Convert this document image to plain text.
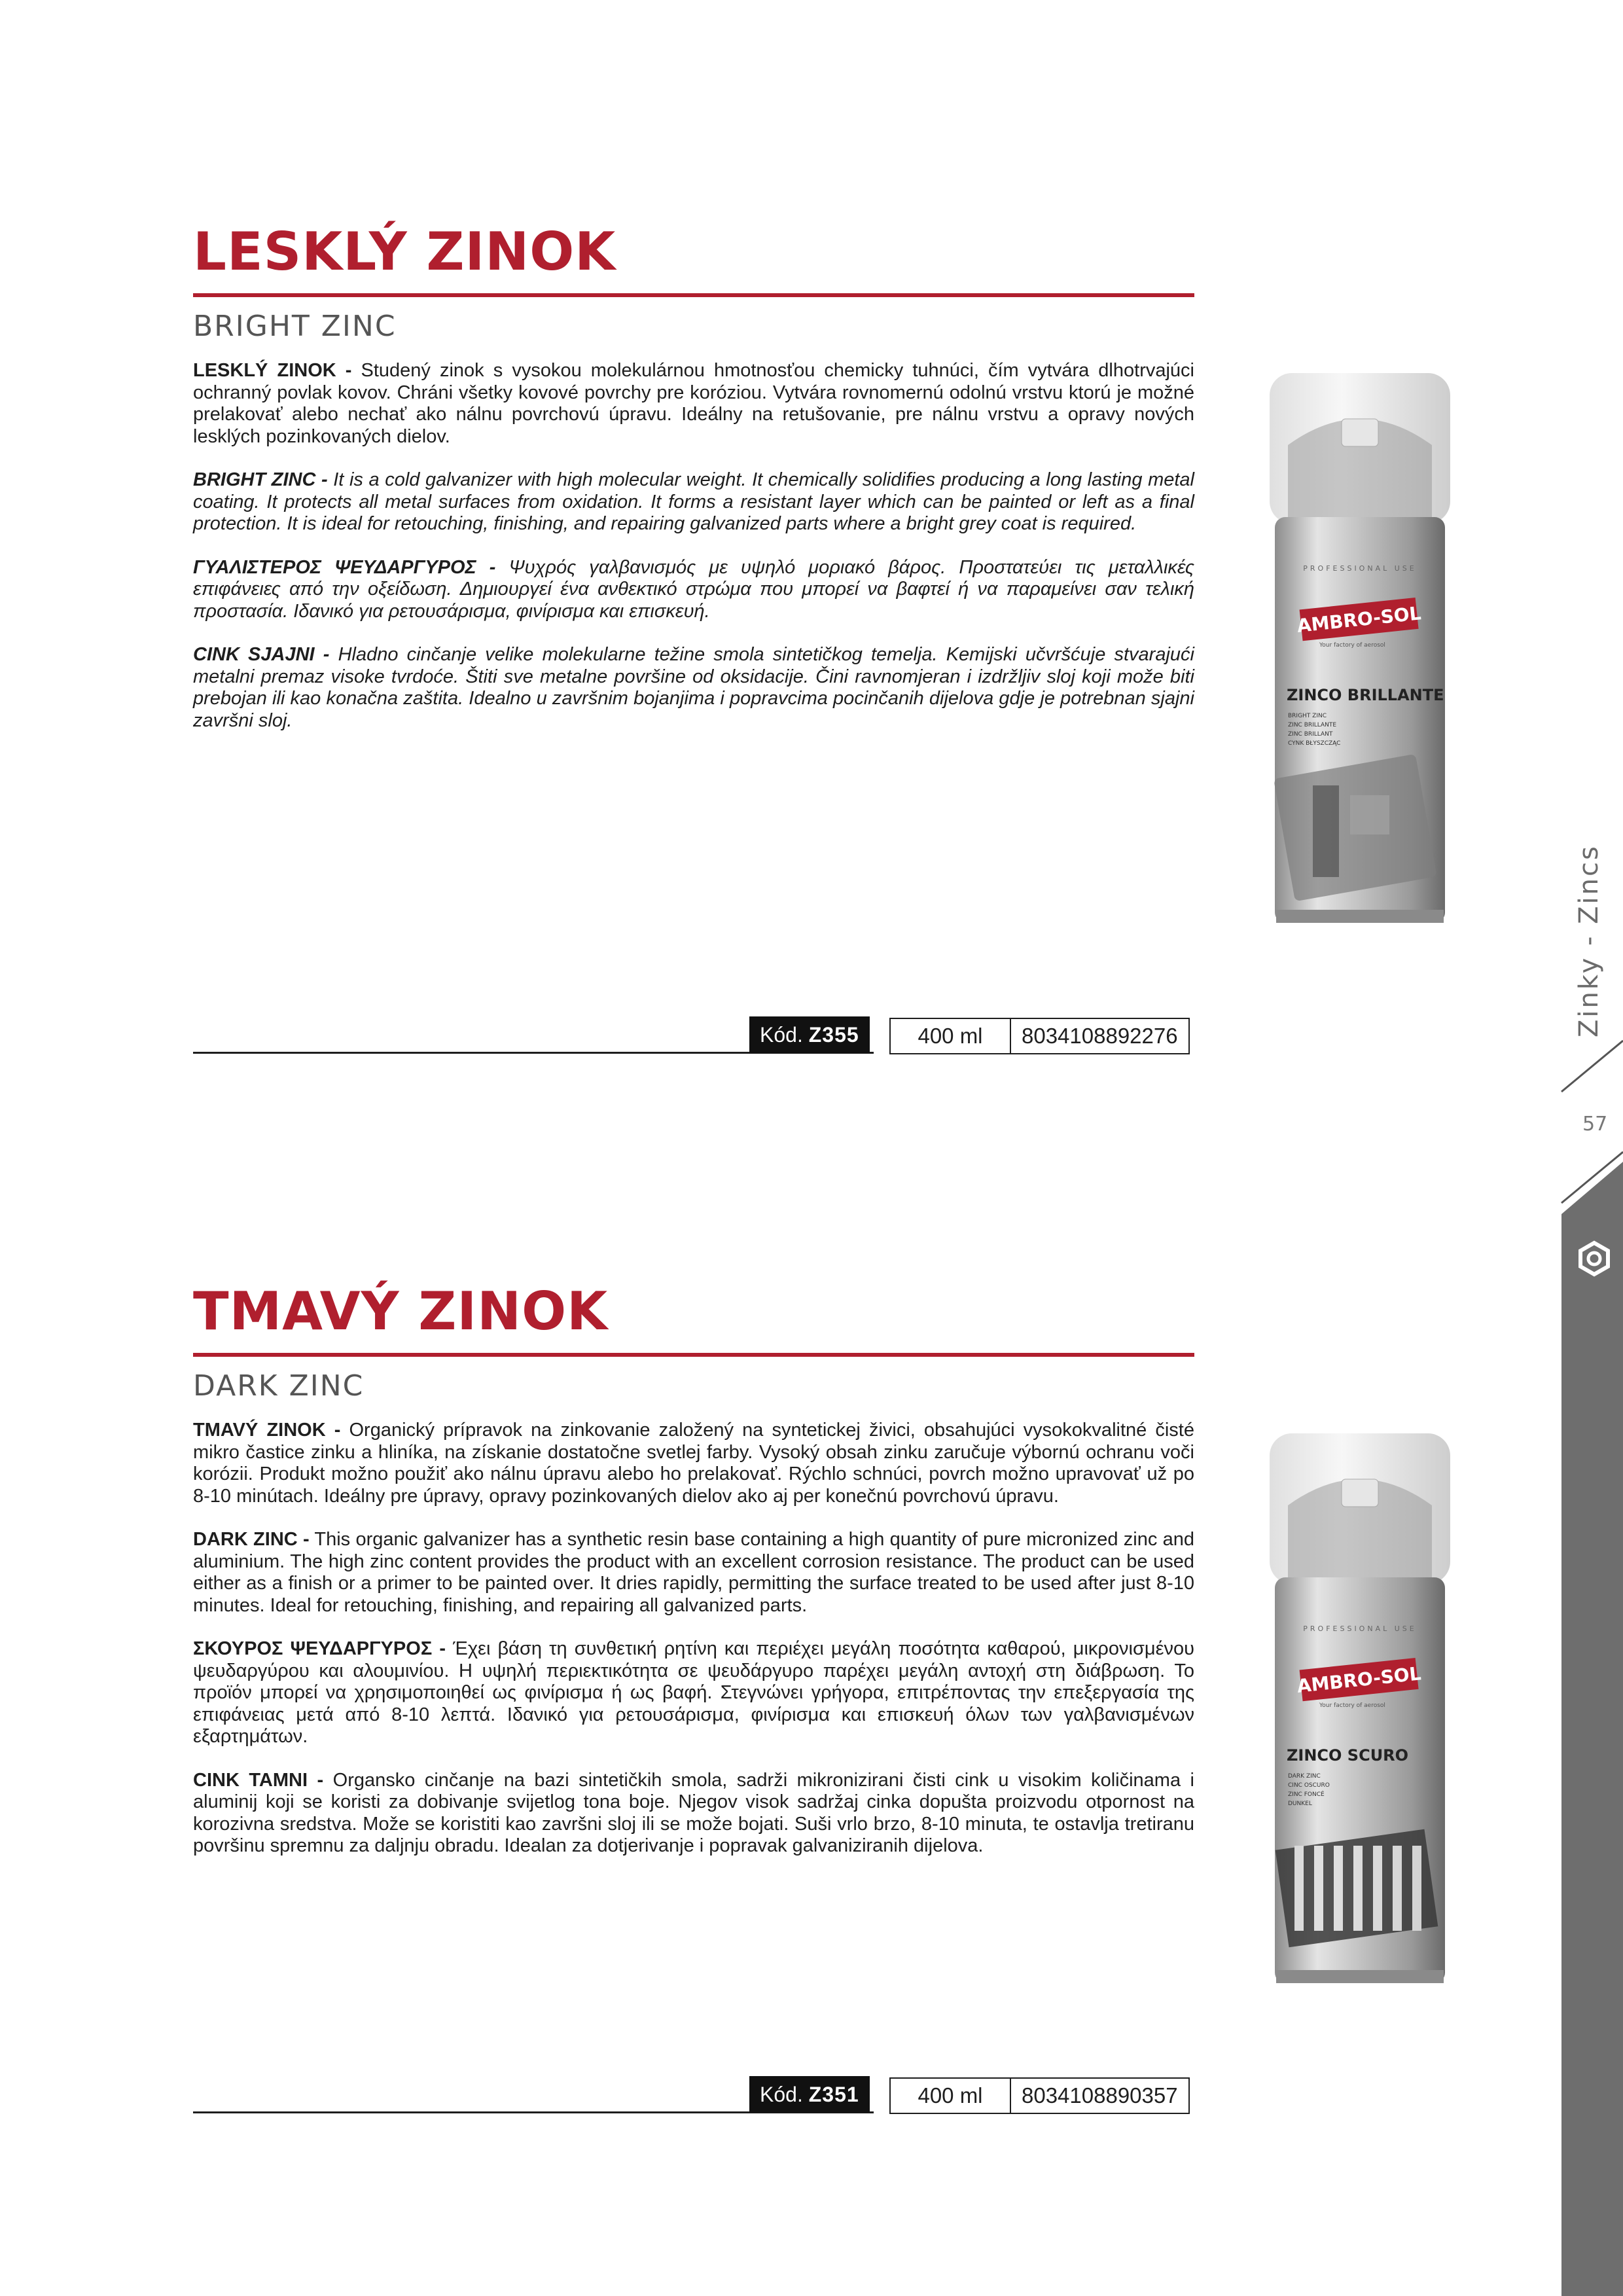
LESKLÝ ZINOK
BRIGHT ZINC

LESKLÝ ZINOK - Studený zinok s vysokou molekulárnou hmotnosťou chemicky tuhnúci, čím vytvára dlhotrvajúci ochranný povlak kovov. Chráni všetky kovové povrchy pre koróziou. Vytvára rovnomernú odolnú vrstvu ktorú je možné prelakovať alebo nechať ako nálnu povrchovú úpravu. Ideálny na retušovanie, pre nálnu vrstvu a opravy nových lesklých pozinkovaných dielov.

BRIGHT ZINC - It is a cold galvanizer with high molecular weight. It chemically solidifies producing a long lasting metal coating. It protects all metal surfaces from oxidation. It forms a resistant layer which can be painted or left as a final protection. It is ideal for retouching, finishing, and repairing galvanized parts where a bright grey coat is required.

ΓΥΑΛΙΣΤΕΡΟΣ ΨΕΥΔΑΡΓΥΡΟΣ - Ψυχρός γαλβανισμός με υψηλό μοριακό βάρος. Προστατεύει τις μεταλλικές επιφάνειες από την οξείδωση. Δημιουργεί ένα ανθεκτικό στρώμα που μπορεί να βαφτεί ή να παραμείνει σαν τελική προστασία. Ιδανικό για ρετουσάρισμα, φινίρισμα και επισκευή.

CINK SJAJNI - Hladno cinčanje velike molekularne težine smola sintetičkog temelja. Kemijski učvršćuje stvarajući metalni premaz visoke tvrdoće. Štiti sve metalne površine od oksidacije. Čini ravnomjeran i izdržljiv sloj koji može biti prebojan ili kao konačna zaštita. Idealno u završnim bojanjima i popravcima pocinčanih dijelova gdje je potrebnan sjajni završni sloj.

Kód. Z355	400 ml	8034108892276
PROFESSIONAL USE
AMBRO-SOL
Your factory of aerosol
ZINCO BRILLANTE
BRIGHT ZINC
ZINC BRILLANTE
ZINC BRILLANT
CYNK BŁYSZCZĄC
TMAVÝ ZINOK
DARK ZINC

TMAVÝ ZINOK - Organický prípravok na zinkovanie založený na syntetickej živici, obsahujúci vysokokvalitné čisté mikro častice zinku a hliníka, na získanie dostatočne svetlej farby. Vysoký obsah zinku zaručuje výbornú ochranu voči korózii. Produkt možno použiť ako nálnu úpravu alebo ho prelakovať. Rýchlo schnúci, povrch možno upravovať už po 8-10 minútach. Ideálny pre úpravy, opravy pozinkovaných dielov ako aj per konečnú povrchovú úpravu.

DARK ZINC - This organic galvanizer has a synthetic resin base containing a high quantity of pure micronized zinc and aluminium. The high zinc content provides the product with an excellent corrosion resistance. The product can be used either as a finish or a primer to be painted over. It dries rapidly, permitting the surface treated to be used after just 8-10 minutes. Ideal for retouching, finishing, and repairing all galvanized parts.

ΣΚΟΥΡΟΣ ΨΕΥΔΑΡΓΥΡΟΣ - Έχει βάση τη συνθετική ρητίνη και περιέχει μεγάλη ποσότητα καθαρού, μικρονισμένου ψευδαργύρου και αλουμινίου. Η υψηλή περιεκτικότητα σε ψευδάργυρο παρέχει μεγάλη αντοχή στη διάβρωση. Το προϊόν μπορεί να χρησιμοποιηθεί ως φινίρισμα ή ως βαφή. Στεγνώνει γρήγορα, επιτρέποντας την επεξεργασία της επιφάνειας μετά από 8-10 λεπτά. Ιδανικό για ρετουσάρισμα, φινίρισμα και επισκευή όλων των γαλβανισμένων εξαρτημάτων.

CINK TAMNI - Organsko cinčanje na bazi sintetičkih smola, sadrži mikronizirani čisti cink u visokim količinama i aluminij koji se koristi za dobivanje svijetlog tona boje. Njegov visok sadržaj cinka dopušta proizvodu otpornost na korozivna sredstva. Može se koristiti kao završni sloj ili se može bojati. Suši vrlo brzo, 8-10 minuta, te ostavlja tretiranu površinu spremnu za daljnju obradu. Idealan za dotjerivanje i popravak galvaniziranih dijelova.

Kód. Z351	400 ml	8034108890357
PROFESSIONAL USE
AMBRO-SOL
Your factory of aerosol
ZINCO SCURO
DARK ZINC
CINC OSCURO
ZINC FONCÉ
DUNKEL
Zinky - Zincs
57
